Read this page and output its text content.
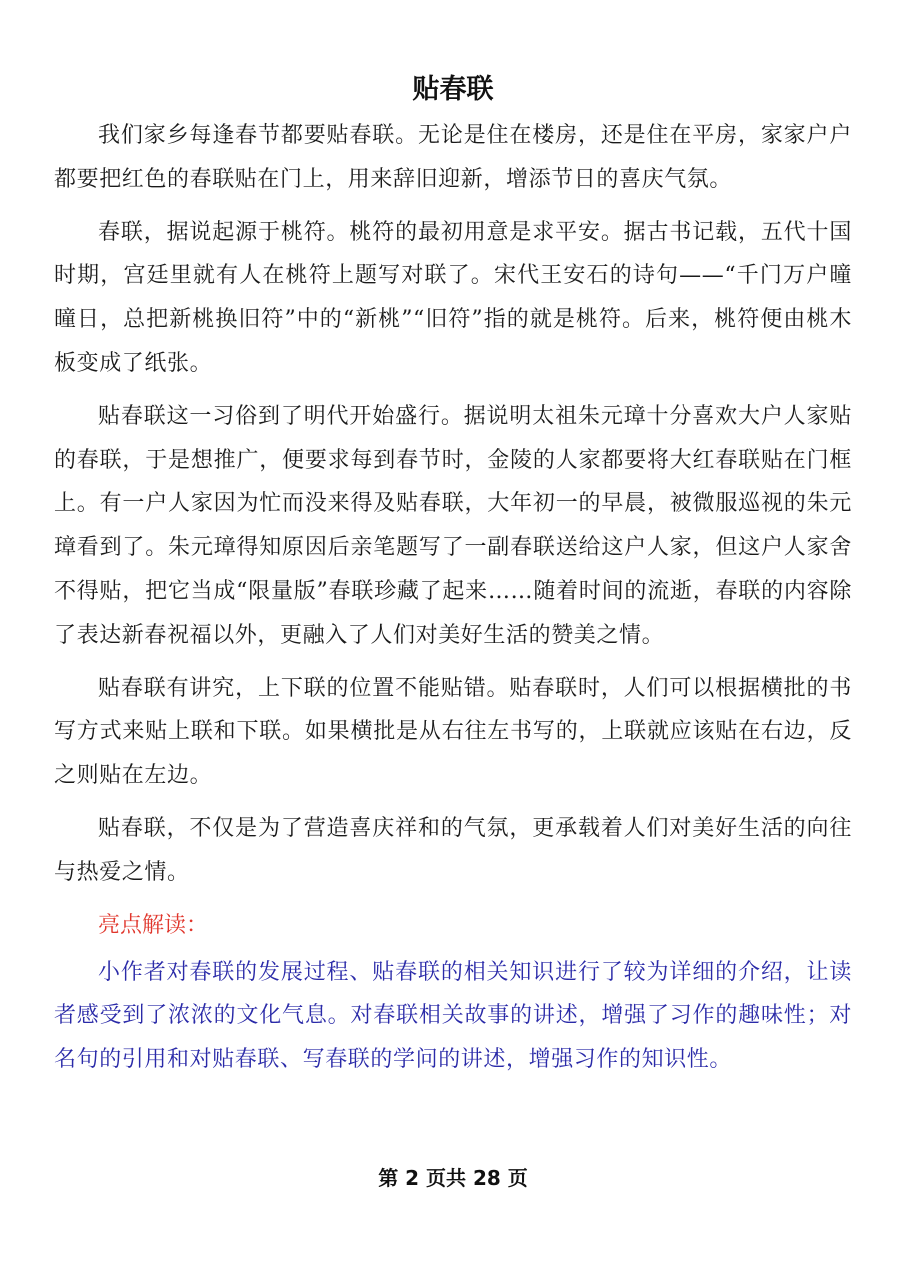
贴春联

我们家乡每逢春节都要贴春联。无论是住在楼房，还是住在平房，家家户户都要把红色的春联贴在门上，用来辞旧迎新，增添节日的喜庆气氛。

春联，据说起源于桃符。桃符的最初用意是求平安。据古书记载，五代十国时期，宫廷里就有人在桃符上题写对联了。宋代王安石的诗句——“千门万户曈曈日，总把新桃换旧符”中的“新桃”“旧符”指的就是桃符。后来，桃符便由桃木板变成了纸张。

贴春联这一习俗到了明代开始盛行。据说明太祖朱元璋十分喜欢大户人家贴的春联，于是想推广，便要求每到春节时，金陵的人家都要将大红春联贴在门框上。有一户人家因为忙而没来得及贴春联，大年初一的早晨，被微服巡视的朱元璋看到了。朱元璋得知原因后亲笔题写了一副春联送给这户人家，但这户人家舍不得贴，把它当成“限量版”春联珍藏了起来……随着时间的流逝，春联的内容除了表达新春祝福以外，更融入了人们对美好生活的赞美之情。

贴春联有讲究，上下联的位置不能贴错。贴春联时，人们可以根据横批的书写方式来贴上联和下联。如果横批是从右往左书写的，上联就应该贴在右边，反之则贴在左边。

贴春联，不仅是为了营造喜庆祥和的气氛，更承载着人们对美好生活的向往与热爱之情。

亮点解读：

小作者对春联的发展过程、贴春联的相关知识进行了较为详细的介绍，让读者感受到了浓浓的文化气息。对春联相关故事的讲述，增强了习作的趣味性；对名句的引用和对贴春联、写春联的学问的讲述，增强习作的知识性。

第 2 页共 28 页
